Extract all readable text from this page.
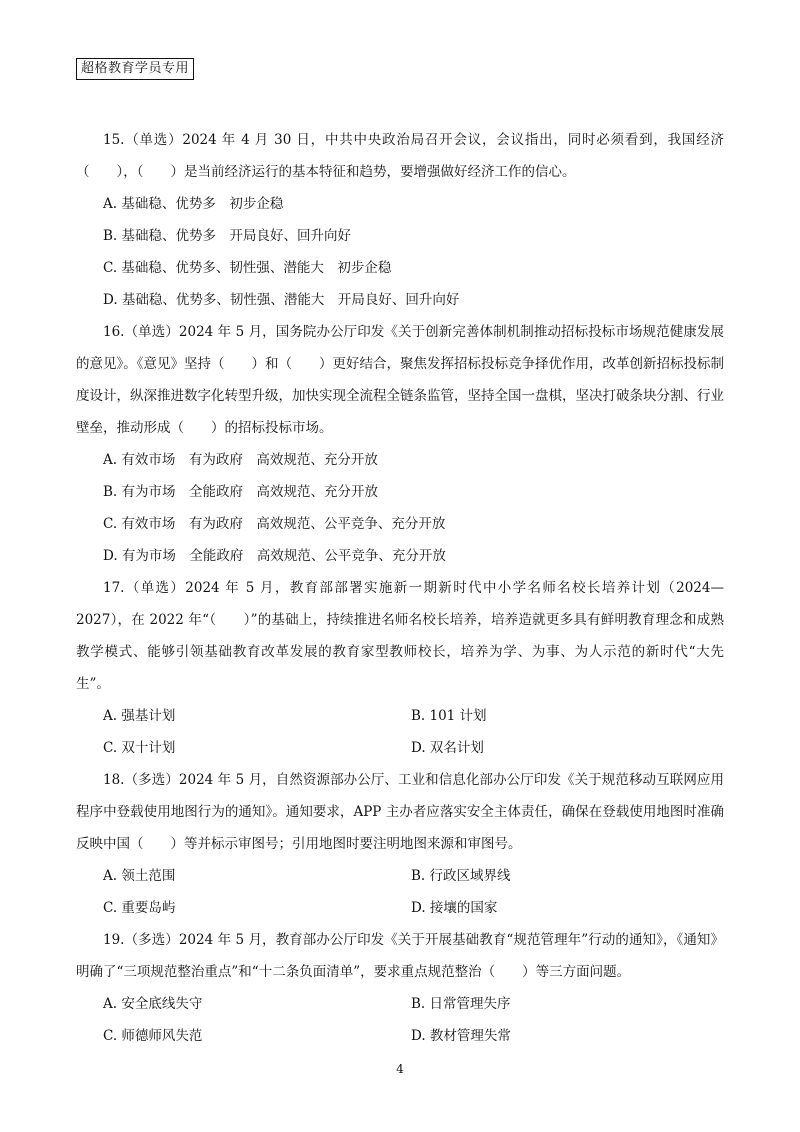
超格教育学员专用

15.（单选）2024 年 4 月 30 日，中共中央政治局召开会议，会议指出，同时必须看到，我国经济（　　），（　　）是当前经济运行的基本特征和趋势，要增强做好经济工作的信心。

A. 基础稳、优势多　初步企稳
B. 基础稳、优势多　开局良好、回升向好
C. 基础稳、优势多、韧性强、潜能大　初步企稳
D. 基础稳、优势多、韧性强、潜能大　开局良好、回升向好

16.（单选）2024 年 5 月，国务院办公厅印发《关于创新完善体制机制推动招标投标市场规范健康发展的意见》。《意见》坚持（　　）和（　　）更好结合，聚焦发挥招标投标竞争择优作用，改革创新招标投标制度设计，纵深推进数字化转型升级，加快实现全流程全链条监管，坚持全国一盘棋，坚决打破条块分割、行业壁垒，推动形成（　　）的招标投标市场。

A. 有效市场　有为政府　高效规范、充分开放
B. 有为市场　全能政府　高效规范、充分开放
C. 有效市场　有为政府　高效规范、公平竞争、充分开放
D. 有为市场　全能政府　高效规范、公平竞争、充分开放

17.（单选）2024 年 5 月，教育部部署实施新一期新时代中小学名师名校长培养计划（2024—2027），在 2022 年“（　　）”的基础上，持续推进名师名校长培养，培养造就更多具有鲜明教育理念和成熟教学模式、能够引领基础教育改革发展的教育家型教师校长，培养为学、为事、为人示范的新时代“大先生”。

A. 强基计划	B. 101 计划
C. 双十计划	D. 双名计划

18.（多选）2024 年 5 月，自然资源部办公厅、工业和信息化部办公厅印发《关于规范移动互联网应用程序中登载使用地图行为的通知》。通知要求，APP 主办者应落实安全主体责任，确保在登载使用地图时准确反映中国（　　）等并标示审图号；引用地图时要注明地图来源和审图号。

A. 领土范围	B. 行政区域界线
C. 重要岛屿	D. 接壤的国家

19.（多选）2024 年 5 月，教育部办公厅印发《关于开展基础教育“规范管理年”行动的通知》，《通知》明确了“三项规范整治重点”和“十二条负面清单”，要求重点规范整治（　　）等三方面问题。

A. 安全底线失守	B. 日常管理失序
C. 师德师风失范	D. 教材管理失常
4
